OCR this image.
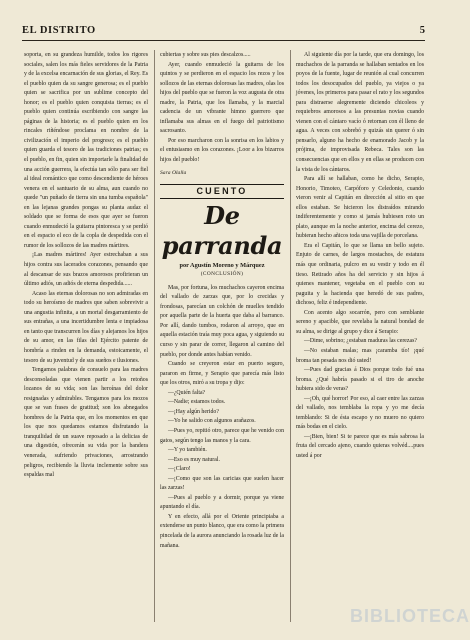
EL DISTRITO	5

soporta, en su grandeza humilde, todos los rigores sociales, salen los más fieles servidores de la Patria y de la excelsa encarnación de sus glorias, el Rey. Es el pueblo quien da su sangre generosa; es el pueblo quien se sacrifica por un sublime concepto del honor; es el pueblo quien conquista tierras; es el pueblo quien continúa escribiendo con sangre las páginas de la historia; es el pueblo quien en los rincales riñéndose proclama en nombre de la civilización el imperio del progreso; es el pueblo quien guarda el tesoro de las tradiciones patrias; es el pueblo, en fin, quien sin importarle la finalidad de una acción guerrera, la efectúa tan sólo para ser fiel al ideal romántico que como descendiente de héroes venera en el santuario de su alma, aun cuando no quede "un puñado de tierra sin una tumba española" en las lejanas grandes pongas su planta audaz el soldado que se forma de esos que ayer se fueron cuando enmudeció la guitarra pintoresca y se perdió en el espacio el eco de la copla de despedida con el rumor de los sollozos de las madres mártires.

¡Las madres mártires! Ayer estrechaban a sus hijos contra sus lacerados corazones, pensando que al descansar de sus brazos amorosos profirieran un último adiós, un adiós de eterna despedida......

Acaso las eternas dolorosas no son admiradas en todo su heroísmo de madres que saben sobrevivir a una angustia infinita, a un mortal desgarramiento de sus entrañas, a una incertidumbre lenta e impiadosa en tanto que transcurren los días y alejamos los hijos de su amor, en las filas del Ejército patente de hombría a rinden en la demanda, estoicamente, el tesoro de su juventud y de sus sueños e ilusiones.

Tengamos palabras de consuelo para las madres desconsoladas que vienen partir a los retoños lozanos de su vida; son las heroínas del dolor resignadas y admirables. Tengamos para los mozos que se van frases de gratitud; son los abnegados hombres de la Patria que, en los momentos en que los que nos quedamos estamos disfrutando la tranquilidad de un suave reposado a la delicias de una digestión, ofrecerán su vida por la bandera venerada, sufriendo privaciones, arrostrando peligros, recibiendo la lluvia inclemente sobre sus espaldas mal

cubiertas y sobre sus pies descalzos.....

Ayer, cuando enmudeció la guitarra de los quintos y se perdieron en el espacio los rezos y los sollozos de las eternas dolorosas las madres, olas los hijos del pueblo que se fueron la voz augusta de otra madre, la Patria, que los llamaba, y la marcial cadencia de un vibrante himno guerrero que inflamaba sus almas en el fuego del patriotismo sacrosanto.

Por eso marcharon con la sonrisa en los labios y el entusiasmo en los corazones. ¡Loor a los bizarros hijos del pueblo!

Sara Olalla

CUENTO
De parranda

por Agustín Moreno y Márquez

(CONCLUSIÓN)

Mas, por fortuna, los muchachos cayeron encima del vallado de zarzas que, por lo crecidas y frondosas, parecían un colchón de muelles tendido por aquella parte de la huerta que daba al barranco. Por allí, dando tumbos, rodaron al arroyo, que en aquella estación traía muy poca agua, y siguiendo su curso y sin parar de correr, llegaron al camino del pueblo, por donde antes habían venido.

Cuando se creyeron estar en puerto seguro, pararon en firme, y Serapio que parecía más listo que los otros, miró a su tropa y dijo:

—¿Quién falta?

—Nadie; estamos todos.

—¡Hay algún herido?

—Yo he salido con algunos arañazos.

—Pues yo, repitió otro, parece que he venido con gatos, según tengo las manos y la cara.

—Y yo también.

—Eso es muy natural.

—¡Claro!

—¡Como que son las caricias que suelen hacer las zarzas!

—Pues al pueblo y a dormir, porque ya viene apuntando el día.

Y en efecto, allá por el Oriente principiaba a extenderse un punto blanco, que era como la primera pincelada de la aurora anunciando la rosada luz de la mañana.

Al siguiente día por la tarde, que era domingo, los muchachos de la parranda se hallaban sentados en los poyos de la fuente, lugar de reunión al cual concurren todos los desocupados del pueblo, ya viejos o ya jóvenes, los primeros para pasar el rato y los segundos para distraerse alegremente diciendo chicoleos y requiebros amorosos a las presuntas novias cuando vienen con el cántaro vacío ó retornan con él lleno de agua. A veces con sobrebó y quizás sin querer ó sin pensarlo, alguno ha hecho de enamorado Jacob y la prójima, de improvisada Rebeca. Tales son las consecuencias que en ellos y en ellas se producen con la vista de los cántaros.

Para allí se hallaban, como he dicho, Serapio, Honorio, Timoteo, Carpóforo y Celedonio, cuando vieron venir al Capitán en dirección al sitio en que ellos estaban. Se hicieron los distraídos mirando indiferentemente y como si jamás hubiesen roto un plato, aunque en la noche anterior, encima del cerezo, hubieran hecho añicos toda una vajilla de porcelana.

Era el Capitán, lo que se llama un bello sujeto. Enjuto de carnes, de largos mostachos, de estatura más que ordinaria, pulcro en su vestir y todo en él tieso. Retirado años ha del servicio y sin hijos á quienes mantener, vegetaba en el pueblo con su paguita y la hacienda que heredó de sus padres, dichoso, feliz é independiente.

Con acento algo socarrón, pero con semblante sereno y apacible, que revelaba la natural bondad de su alma, se dirige al grupo y dice á Serapio:

—Dime, sobrino; ¿estaban maduras las cerezas?

—No estaban malas; mas ¡caramba tío! ¡qué broma tan pesada nos dió usted!

—Pues dad gracias á Dios porque todo fué una broma. ¿Qué habría pasado si el tiro de anoche hubiera sido de veras?

—¡Oh, qué horror! Por eso, al caer entre las zarzas del vallado, nos temblaba la ropa y yo me decía temblando: Si de ésta escapo y no muero no quiero más bodas en el cielo.

—¡Bien, bien! Si te parece que es más sabrosa la fruta del cercado ajeno, cuando quieras volvéd....pues usted á por

BIBLIOTECA
